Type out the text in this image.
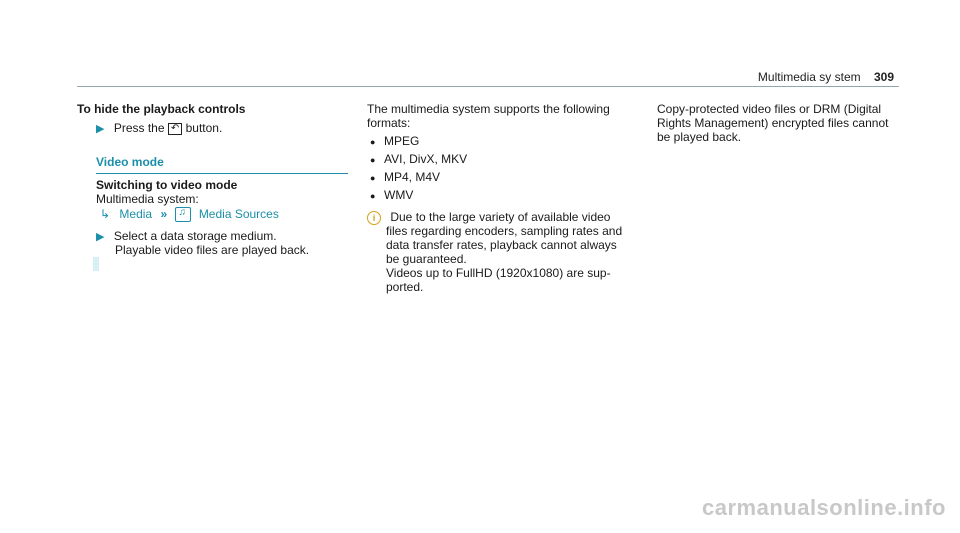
Multimedia sy stem 309
To hide the playback controls
▶ Press the ↶ button.
Video mode
Switching to video mode
Multimedia system:
↳ Media » ♫	Media Sources
▶ Select a data storage medium.
Playable video files are played back.
The multimedia system supports the following
formats:
● MPEG
● AVI, DivX, MKV
● MP4, M4V
● WMV
i Due to the large variety of available video
files regarding encoders, sampling rates and
data transfer rates, playback cannot always
be guaranteed.
Videos up to FullHD (1920x1080) are sup-
ported.
Copy-protected video files or DRM (Digital
Rights Management) encrypted files cannot
be played back.
carmanualsonline.info
